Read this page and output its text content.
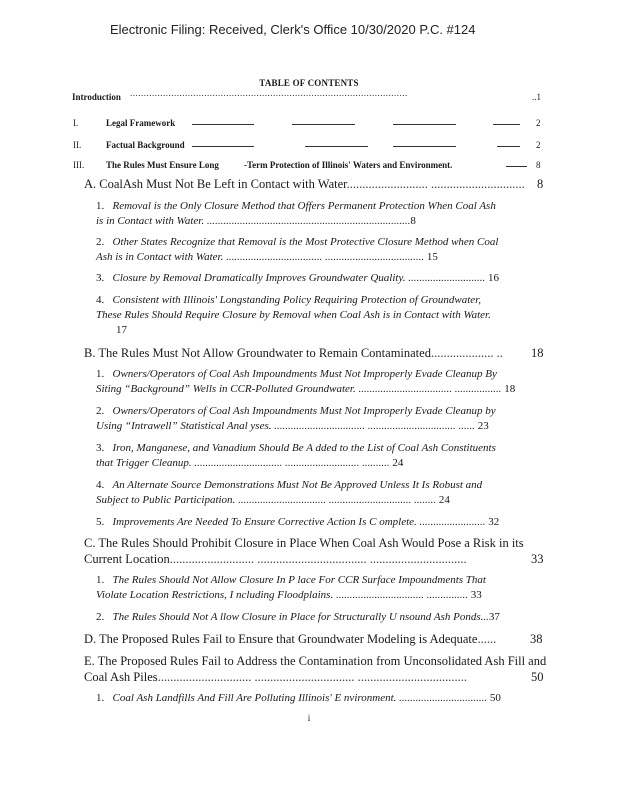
Electronic Filing: Received, Clerk's Office 10/30/2020 P.C. #124
TABLE OF CONTENTS
Introduction .....................................................................................................	..1
I.	Legal Framework	2
II.	Factual Background	2
III. The Rules Must Ensure Long	-Term Protection of Illinois' Waters and Environment.	8
A. CoalAsh Must Not Be Left in Contact with Water.......................... .............................. 8
1. Removal is the Only Closure Method that Offers Permanent Protection When Coal Ash
is in Contact with Water. ..........................................................................8
2. Other States Recognize that Removal is the Most Protective Closure Method when Coal
Ash is in Contact with Water. ................................... .................................... 15
3. Closure by Removal Dramatically Improves Groundwater Quality. ............................ 16
4. Consistent with Illinois' Longstanding Policy Requiring Protection of Groundwater,
These Rules Should Require Closure by Removal when Coal Ash is in Contact with Water.
17
B. The Rules Must Not Allow Groundwater to Remain Contaminated.................... ..	18
1. Owners/Operators of Coal Ash Impoundments Must Not Improperly Evade Cleanup By
Siting “Background” Wells in CCR-Polluted Groundwater. .................................. ................. 18
2. Owners/Operators of Coal Ash Impoundments Must Not Improperly Evade Cleanup by
Using “Intrawell” Statistical Anal yses. ................................. ................................ ...... 23
3. Iron, Manganese, and Vanadium Should Be A dded to the List of Coal Ash Constituents
that Trigger Cleanup. ................................ ........................... .......... 24
4. An Alternate Source Demonstrations Must Not Be Approved Unless It Is Robust and
Subject to Public Participation. ................................ .............................. ........ 24
5. Improvements Are Needed To Ensure Corrective Action Is C omplete. ........................ 32
C. The Rules Should Prohibit Closure in Place When Coal Ash Would Pose a Risk in its
Current Location........................... ................................... ...............................	33
1. The Rules Should Not Allow Closure In P lace For CCR Surface Impoundments That
Violate Location Restrictions, I ncluding Floodplains. ................................ ............... 33
2. The Rules Should Not A llow Closure in Place for Structurally U nsound Ash Ponds...37
D. The Proposed Rules Fail to Ensure that Groundwater Modeling is Adequate......	38
E. The Proposed Rules Fail to Address the Contamination from Unconsolidated Ash Fill and
Coal Ash Piles.............................. ................................ ...................................	50
1. Coal Ash Landfills And Fill Are Polluting Illinois' E nvironment. ................................ 50
i
